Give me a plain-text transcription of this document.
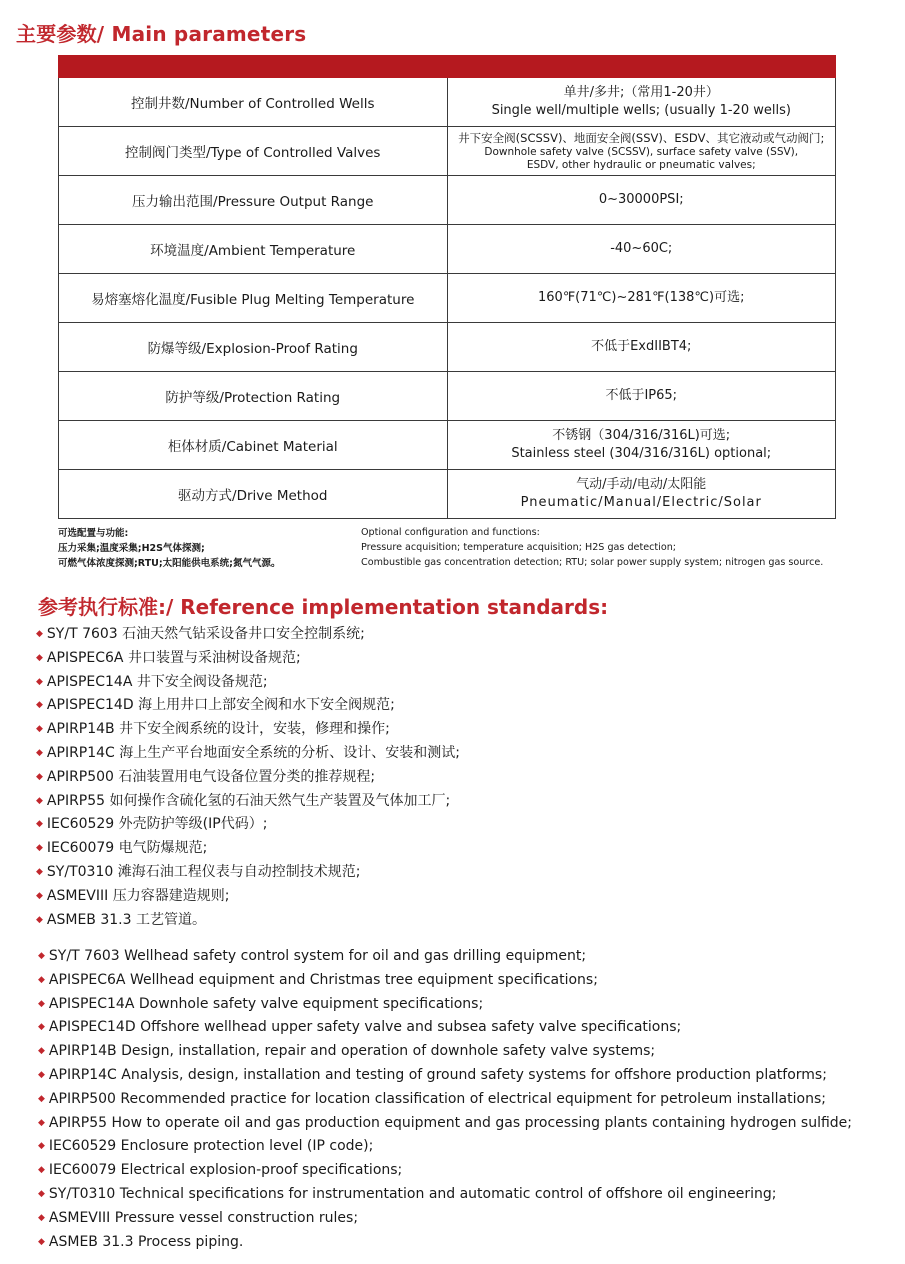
主要参数/ Main parameters

控制井数/Number of Controlled Wells	单井/多井;（常用1-20井）
Single well/multiple wells; (usually 1-20 wells)

控制阀门类型/Type of Controlled Valves	井下安全阀(SCSSV)、地面安全阀(SSV)、ESDV、其它液动或气动阀门;
Downhole safety valve (SCSSV), surface safety valve (SSV),
ESDV, other hydraulic or pneumatic valves;

压力输出范围/Pressure Output Range	0~30000PSI;

环境温度/Ambient Temperature	-40~60C;

易熔塞熔化温度/Fusible Plug Melting Temperature	160℉(71℃)~281℉(138℃)可选;

防爆等级/Explosion-Proof Rating	不低于ExdIIBT4;

防护等级/Protection Rating	不低于IP65;

柜体材质/Cabinet Material	不锈钢（304/316/316L)可选;
Stainless steel (304/316/316L) optional;

驱动方式/Drive Method	气动/手动/电动/太阳能
Pneumatic/Manual/Electric/Solar
可选配置与功能:
压力采集;温度采集;H2S气体探测;
可燃气体浓度探测;RTU;太阳能供电系统;氮气气源。
Optional configuration and functions:
Pressure acquisition; temperature acquisition; H2S gas detection;
Combustible gas concentration detection; RTU; solar power supply system; nitrogen gas source.
参考执行标准:/ Reference implementation standards:
◆ SY/T 7603 石油天然气钻采设备井口安全控制系统;
◆ APISPEC6A 井口装置与采油树设备规范;
◆ APISPEC14A 井下安全阀设备规范;
◆ APISPEC14D 海上用井口上部安全阀和水下安全阀规范;
◆ APIRP14B 井下安全阀系统的设计，安装，修理和操作;
◆ APIRP14C 海上生产平台地面安全系统的分析、设计、安装和测试;
◆ APIRP500 石油装置用电气设备位置分类的推荐规程;
◆ APIRP55 如何操作含硫化氢的石油天然气生产装置及气体加工厂;
◆ IEC60529 外壳防护等级(IP代码）;
◆ IEC60079 电气防爆规范;
◆ SY/T0310 滩海石油工程仪表与自动控制技术规范;
◆ ASMEVIII 压力容器建造规则;
◆ ASMEB 31.3 工艺管道。
◆ SY/T 7603 Wellhead safety control system for oil and gas drilling equipment;
◆ APISPEC6A Wellhead equipment and Christmas tree equipment specifications;
◆ APISPEC14A Downhole safety valve equipment specifications;
◆ APISPEC14D Offshore wellhead upper safety valve and subsea safety valve specifications;
◆ APIRP14B Design, installation, repair and operation of downhole safety valve systems;
◆ APIRP14C Analysis, design, installation and testing of ground safety systems for offshore production platforms;
◆ APIRP500 Recommended practice for location classification of electrical equipment for petroleum installations;
◆ APIRP55 How to operate oil and gas production equipment and gas processing plants containing hydrogen sulfide;
◆ IEC60529 Enclosure protection level (IP code);
◆ IEC60079 Electrical explosion-proof specifications;
◆ SY/T0310 Technical specifications for instrumentation and automatic control of offshore oil engineering;
◆ ASMEVIII Pressure vessel construction rules;
◆ ASMEB 31.3 Process piping.
